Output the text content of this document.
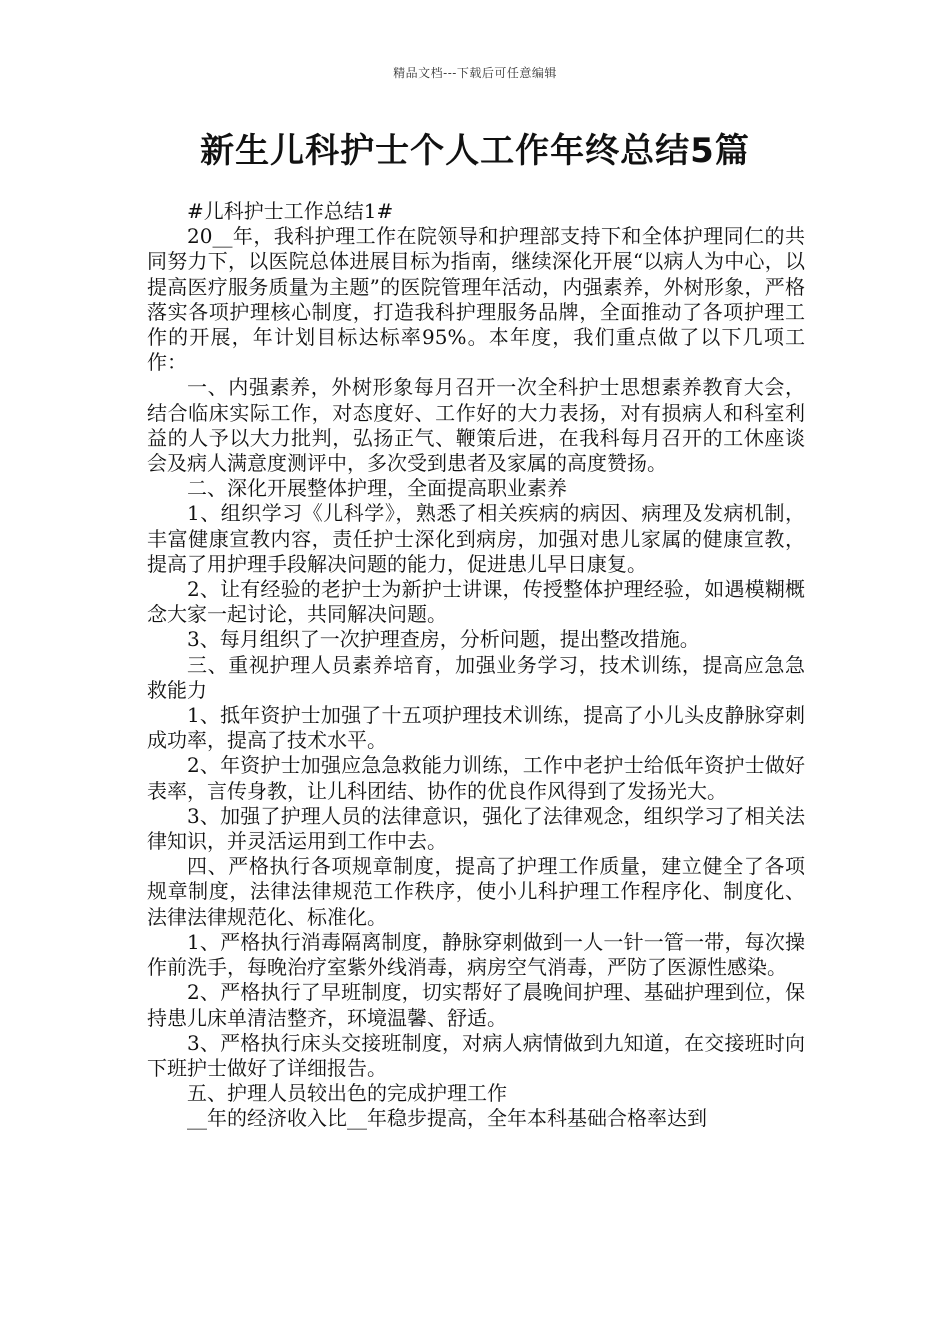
精品文档---下载后可任意编辑
新生儿科护士个人工作年终总结5篇

#儿科护士工作总结1#

20__年，我科护理工作在院领导和护理部支持下和全体护理同仁的共同努力下，以医院总体进展目标为指南，继续深化开展“以病人为中心，以提高医疗服务质量为主题”的医院管理年活动，内强素养，外树形象，严格落实各项护理核心制度，打造我科护理服务品牌，全面推动了各项护理工作的开展，年计划目标达标率95%。本年度，我们重点做了以下几项工作：

一、内强素养，外树形象每月召开一次全科护士思想素养教育大会，结合临床实际工作，对态度好、工作好的大力表扬，对有损病人和科室利益的人予以大力批判，弘扬正气、鞭策后进，在我科每月召开的工休座谈会及病人满意度测评中，多次受到患者及家属的高度赞扬。

二、深化开展整体护理，全面提高职业素养

1、组织学习《儿科学》，熟悉了相关疾病的病因、病理及发病机制，丰富健康宣教内容，责任护士深化到病房，加强对患儿家属的健康宣教，提高了用护理手段解决问题的能力，促进患儿早日康复。

2、让有经验的老护士为新护士讲课，传授整体护理经验，如遇模糊概念大家一起讨论，共同解决问题。

3、每月组织了一次护理查房，分析问题，提出整改措施。

三、重视护理人员素养培育，加强业务学习，技术训练，提高应急急救能力

1、抵年资护士加强了十五项护理技术训练，提高了小儿头皮静脉穿刺成功率，提高了技术水平。

2、年资护士加强应急急救能力训练，工作中老护士给低年资护士做好表率，言传身教，让儿科团结、协作的优良作风得到了发扬光大。

3、加强了护理人员的法律意识，强化了法律观念，组织学习了相关法律知识，并灵活运用到工作中去。

四、严格执行各项规章制度，提高了护理工作质量，建立健全了各项规章制度，法律法律规范工作秩序，使小儿科护理工作程序化、制度化、法律法律规范化、标准化。

1、严格执行消毒隔离制度，静脉穿刺做到一人一针一管一带，每次操作前洗手，每晚治疗室紫外线消毒，病房空气消毒，严防了医源性感染。

2、严格执行了早班制度，切实帮好了晨晚间护理、基础护理到位，保持患儿床单清洁整齐，环境温馨、舒适。

3、严格执行床头交接班制度，对病人病情做到九知道，在交接班时向下班护士做好了详细报告。

五、护理人员较出色的完成护理工作

__年的经济收入比__年稳步提高，全年本科基础合格率达到
